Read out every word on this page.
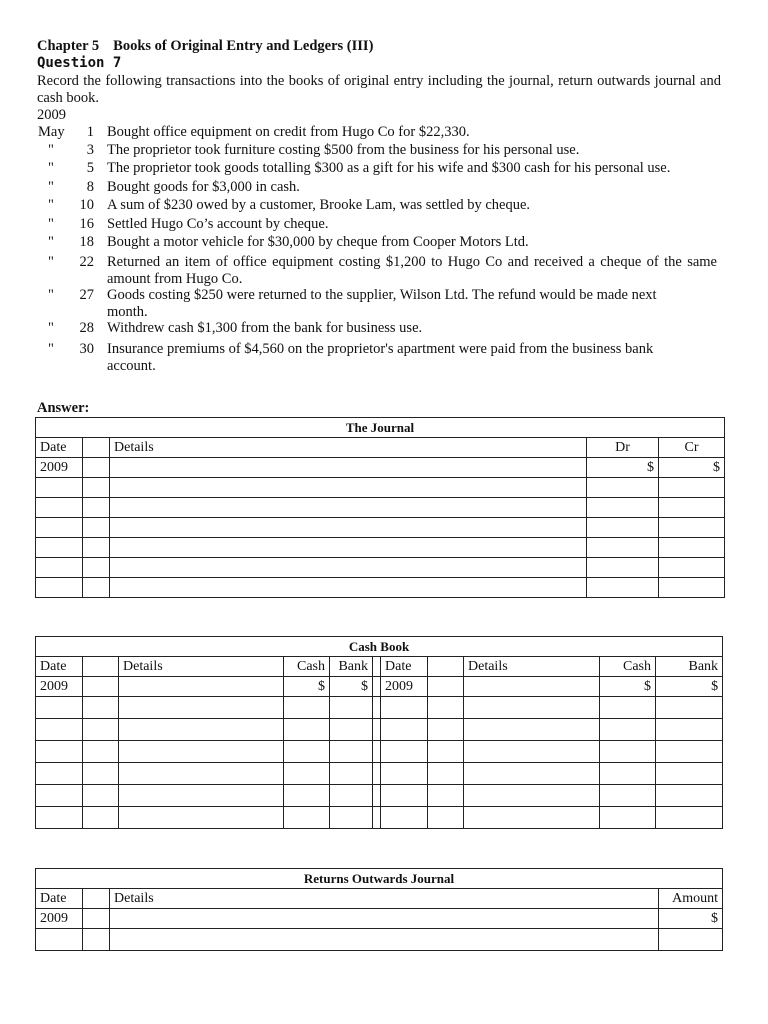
Chapter 5 Books of Original Entry and Ledgers (III)
Question 7
Record the following transactions into the books of original entry including the journal, return outwards journal and cash book.
2009
May	1 Bought office equipment on credit from Hugo Co for $22,330.
"	3 The proprietor took furniture costing $500 from the business for his personal use.
"	5 The proprietor took goods totalling $300 as a gift for his wife and $300 cash for his personal use.
"	8 Bought goods for $3,000 in cash.
"	10 A sum of $230 owed by a customer, Brooke Lam, was settled by cheque.
"	16 Settled Hugo Co’s account by cheque.
"	18 Bought a motor vehicle for $30,000 by cheque from Cooper Motors Ltd.
"	22 Returned an item of office equipment costing $1,200 to Hugo Co and received a cheque of the same amount from Hugo Co.
"	27 Goods costing $250 were returned to the supplier, Wilson Ltd. The refund would be made next month.
"	28 Withdrew cash $1,300 from the bank for business use.
"	30 Insurance premiums of $4,560 on the proprietor's apartment were paid from the business bank account.
Answer:
The Journal				
Date		Details	Dr	Cr
2009			$	$

Cash Book										
Date		Details	Cash	Bank		Date		Details	Cash	Bank
2009			$	$		2009			$	$

Returns Outwards Journal			
Date		Details	Amount
2009			$
